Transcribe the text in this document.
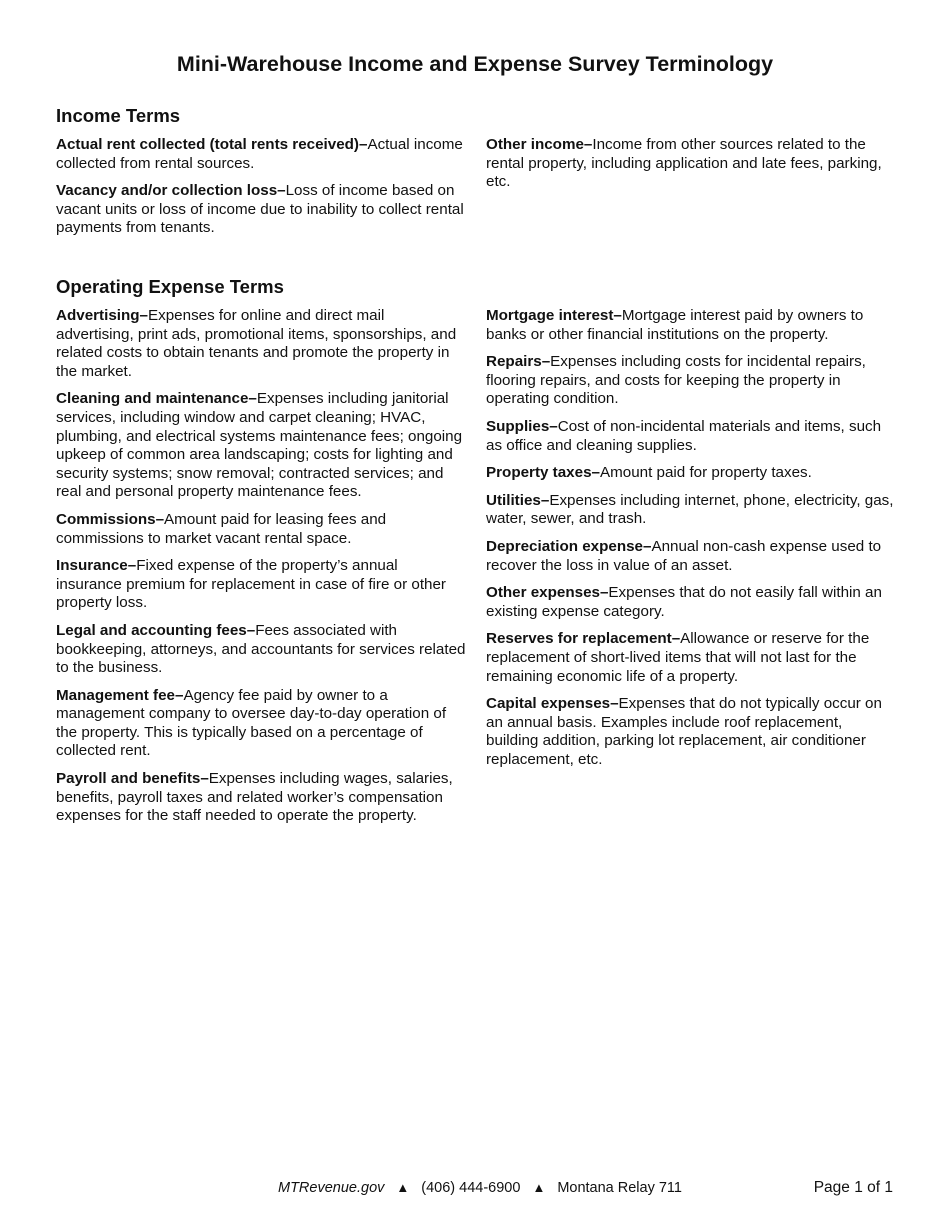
Mini-Warehouse Income and Expense Survey Terminology
Income Terms

Actual rent collected (total rents received)–Actual income collected from rental sources.

Vacancy and/or collection loss–Loss of income based on vacant units or loss of income due to inability to collect rental payments from tenants.

Other income–Income from other sources related to the rental property, including application and late fees, parking, etc.

Operating Expense Terms

Advertising–Expenses for online and direct mail advertising, print ads, promotional items, sponsorships, and related costs to obtain tenants and promote the property in the market.

Cleaning and maintenance–Expenses including janitorial services, including window and carpet cleaning; HVAC, plumbing, and electrical systems maintenance fees; ongoing upkeep of common area landscaping; costs for lighting and security systems; snow removal; contracted services; and real and personal property maintenance fees.

Commissions–Amount paid for leasing fees and commissions to market vacant rental space.

Insurance–Fixed expense of the property’s annual insurance premium for replacement in case of fire or other property loss.

Legal and accounting fees–Fees associated with bookkeeping, attorneys, and accountants for services related to the business.

Management fee–Agency fee paid by owner to a management company to oversee day-to-day operation of the property. This is typically based on a percentage of collected rent.

Payroll and benefits–Expenses including wages, salaries, benefits, payroll taxes and related worker’s compensation expenses for the staff needed to operate the property.

Mortgage interest–Mortgage interest paid by owners to banks or other financial institutions on the property.

Repairs–Expenses including costs for incidental repairs, flooring repairs, and costs for keeping the property in operating condition.

Supplies–Cost of non-incidental materials and items, such as office and cleaning supplies.

Property taxes–Amount paid for property taxes.

Utilities–Expenses including internet, phone, electricity, gas, water, sewer, and trash.

Depreciation expense–Annual non-cash expense used to recover the loss in value of an asset.

Other expenses–Expenses that do not easily fall within an existing expense category.

Reserves for replacement–Allowance or reserve for the replacement of short-lived items that will not last for the remaining economic life of a property.

Capital expenses–Expenses that do not typically occur on an annual basis. Examples include roof replacement, building addition, parking lot replacement, air conditioner replacement, etc.

MTRevenue.gov ▲ (406) 444-6900 ▲ Montana Relay 711	Page 1 of 1
